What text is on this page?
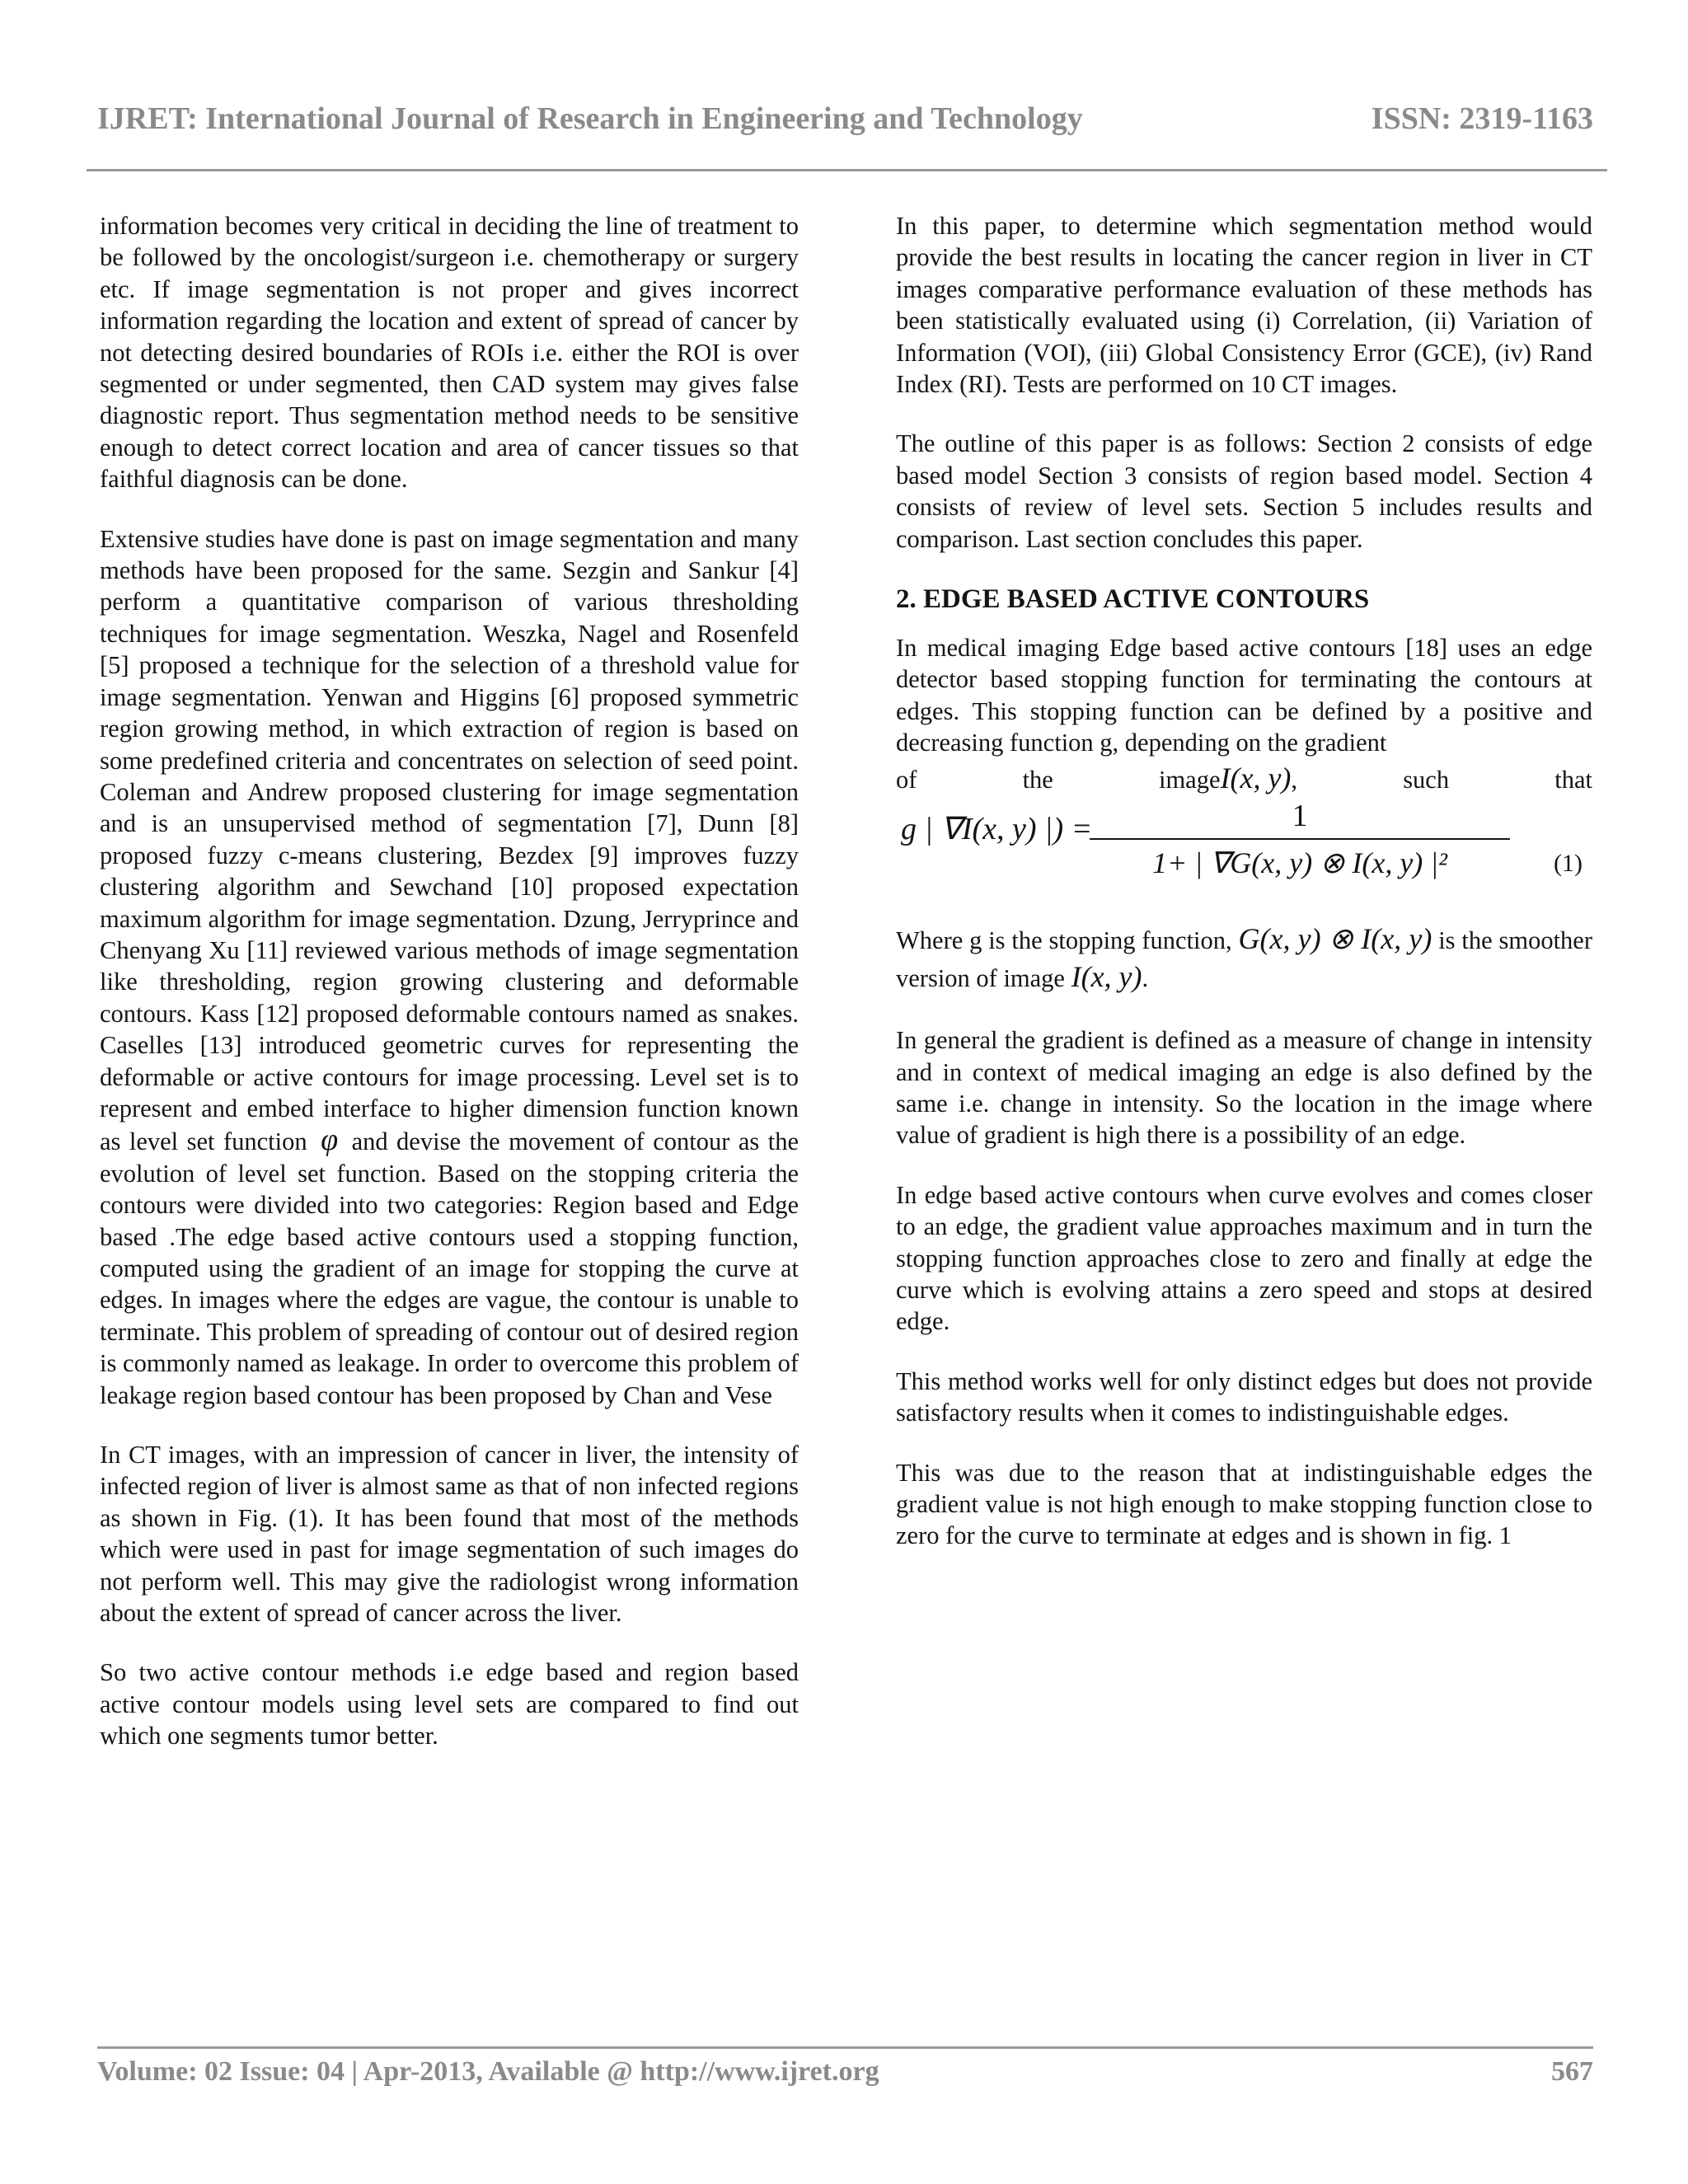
IJRET: International Journal of Research in Engineering and Technology	ISSN: 2319-1163

information becomes very critical in deciding the line of treatment to be followed by the oncologist/surgeon i.e. chemotherapy or surgery etc. If image segmentation is not proper and gives incorrect information regarding the location and extent of spread of cancer by not detecting desired boundaries of ROIs i.e. either the ROI is over segmented or under segmented, then CAD system may gives false diagnostic report. Thus segmentation method needs to be sensitive enough to detect correct location and area of cancer tissues so that faithful diagnosis can be done.

Extensive studies have done is past on image segmentation and many methods have been proposed for the same. Sezgin and Sankur [4] perform a quantitative comparison of various thresholding techniques for image segmentation. Weszka, Nagel and Rosenfeld [5] proposed a technique for the selection of a threshold value for image segmentation. Yenwan and Higgins [6] proposed symmetric region growing method, in which extraction of region is based on some predefined criteria and concentrates on selection of seed point. Coleman and Andrew proposed clustering for image segmentation and is an unsupervised method of segmentation [7], Dunn [8] proposed fuzzy c-means clustering, Bezdex [9] improves fuzzy clustering algorithm and Sewchand [10] proposed expectation maximum algorithm for image segmentation. Dzung, Jerryprince and Chenyang Xu [11] reviewed various methods of image segmentation like thresholding, region growing clustering and deformable contours. Kass [12] proposed deformable contours named as snakes. Caselles [13] introduced geometric curves for representing the deformable or active contours for image processing. Level set is to represent and embed interface to higher dimension function known as level set function φ and devise the movement of contour as the evolution of level set function. Based on the stopping criteria the contours were divided into two categories: Region based and Edge based .The edge based active contours used a stopping function, computed using the gradient of an image for stopping the curve at edges. In images where the edges are vague, the contour is unable to terminate. This problem of spreading of contour out of desired region is commonly named as leakage. In order to overcome this problem of leakage region based contour has been proposed by Chan and Vese

In CT images, with an impression of cancer in liver, the intensity of infected region of liver is almost same as that of non infected regions as shown in Fig. (1). It has been found that most of the methods which were used in past for image segmentation of such images do not perform well. This may give the radiologist wrong information about the extent of spread of cancer across the liver.

So two active contour methods i.e edge based and region based active contour models using level sets are compared to find out which one segments tumor better.

In this paper, to determine which segmentation method would provide the best results in locating the cancer region in liver in CT images comparative performance evaluation of these methods has been statistically evaluated using (i) Correlation, (ii) Variation of Information (VOI), (iii) Global Consistency Error (GCE), (iv) Rand Index (RI). Tests are performed on 10 CT images.

The outline of this paper is as follows: Section 2 consists of edge based model Section 3 consists of region based model. Section 4 consists of review of level sets. Section 5 includes results and comparison. Last section concludes this paper.

2. EDGE BASED ACTIVE CONTOURS

In medical imaging Edge based active contours [18] uses an edge detector based stopping function for terminating the contours at edges. This stopping function can be defined by a positive and decreasing function g, depending on the gradient

of	the	imageI(x, y),	such	that
g | ∇I(x, y) |) =	1
1+ | ∇G(x, y) ⊗ I(x, y) |²	(1)

Where g is the stopping function, G(x, y) ⊗ I(x, y) is the smoother version of image I(x, y).

In general the gradient is defined as a measure of change in intensity and in context of medical imaging an edge is also defined by the same i.e. change in intensity. So the location in the image where value of gradient is high there is a possibility of an edge.

In edge based active contours when curve evolves and comes closer to an edge, the gradient value approaches maximum and in turn the stopping function approaches close to zero and finally at edge the curve which is evolving attains a zero speed and stops at desired edge.

This method works well for only distinct edges but does not provide satisfactory results when it comes to indistinguishable edges.

This was due to the reason that at indistinguishable edges the gradient value is not high enough to make stopping function close to zero for the curve to terminate at edges and is shown in fig. 1

Volume: 02 Issue: 04 | Apr-2013, Available @ http://www.ijret.org	567
